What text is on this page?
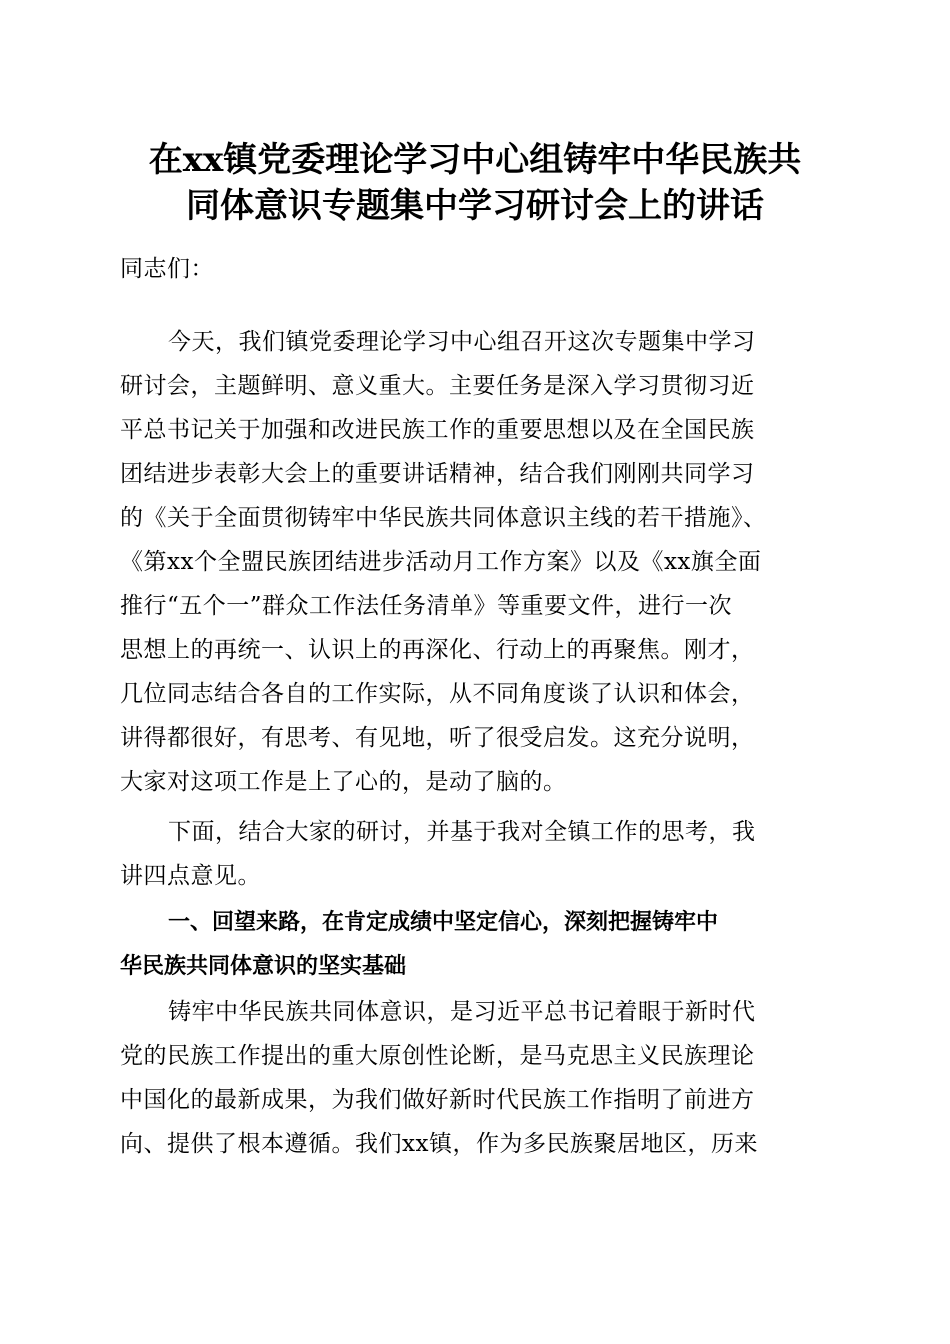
在xx镇党委理论学习中心组铸牢中华民族共
同体意识专题集中学习研讨会上的讲话
同志们：
今天，我们镇党委理论学习中心组召开这次专题集中学习
研讨会，主题鲜明、意义重大。主要任务是深入学习贯彻习近
平总书记关于加强和改进民族工作的重要思想以及在全国民族
团结进步表彰大会上的重要讲话精神，结合我们刚刚共同学习
的《关于全面贯彻铸牢中华民族共同体意识主线的若干措施》、
《第xx个全盟民族团结进步活动月工作方案》以及《xx旗全面
推行“五个一”群众工作法任务清单》等重要文件，进行一次
思想上的再统一、认识上的再深化、行动上的再聚焦。刚才，
几位同志结合各自的工作实际，从不同角度谈了认识和体会，
讲得都很好，有思考、有见地，听了很受启发。这充分说明，
大家对这项工作是上了心的，是动了脑的。
下面，结合大家的研讨，并基于我对全镇工作的思考，我
讲四点意见。
一、回望来路，在肯定成绩中坚定信心，深刻把握铸牢中
华民族共同体意识的坚实基础
铸牢中华民族共同体意识，是习近平总书记着眼于新时代
党的民族工作提出的重大原创性论断，是马克思主义民族理论
中国化的最新成果，为我们做好新时代民族工作指明了前进方
向、提供了根本遵循。我们xx镇，作为多民族聚居地区，历来
